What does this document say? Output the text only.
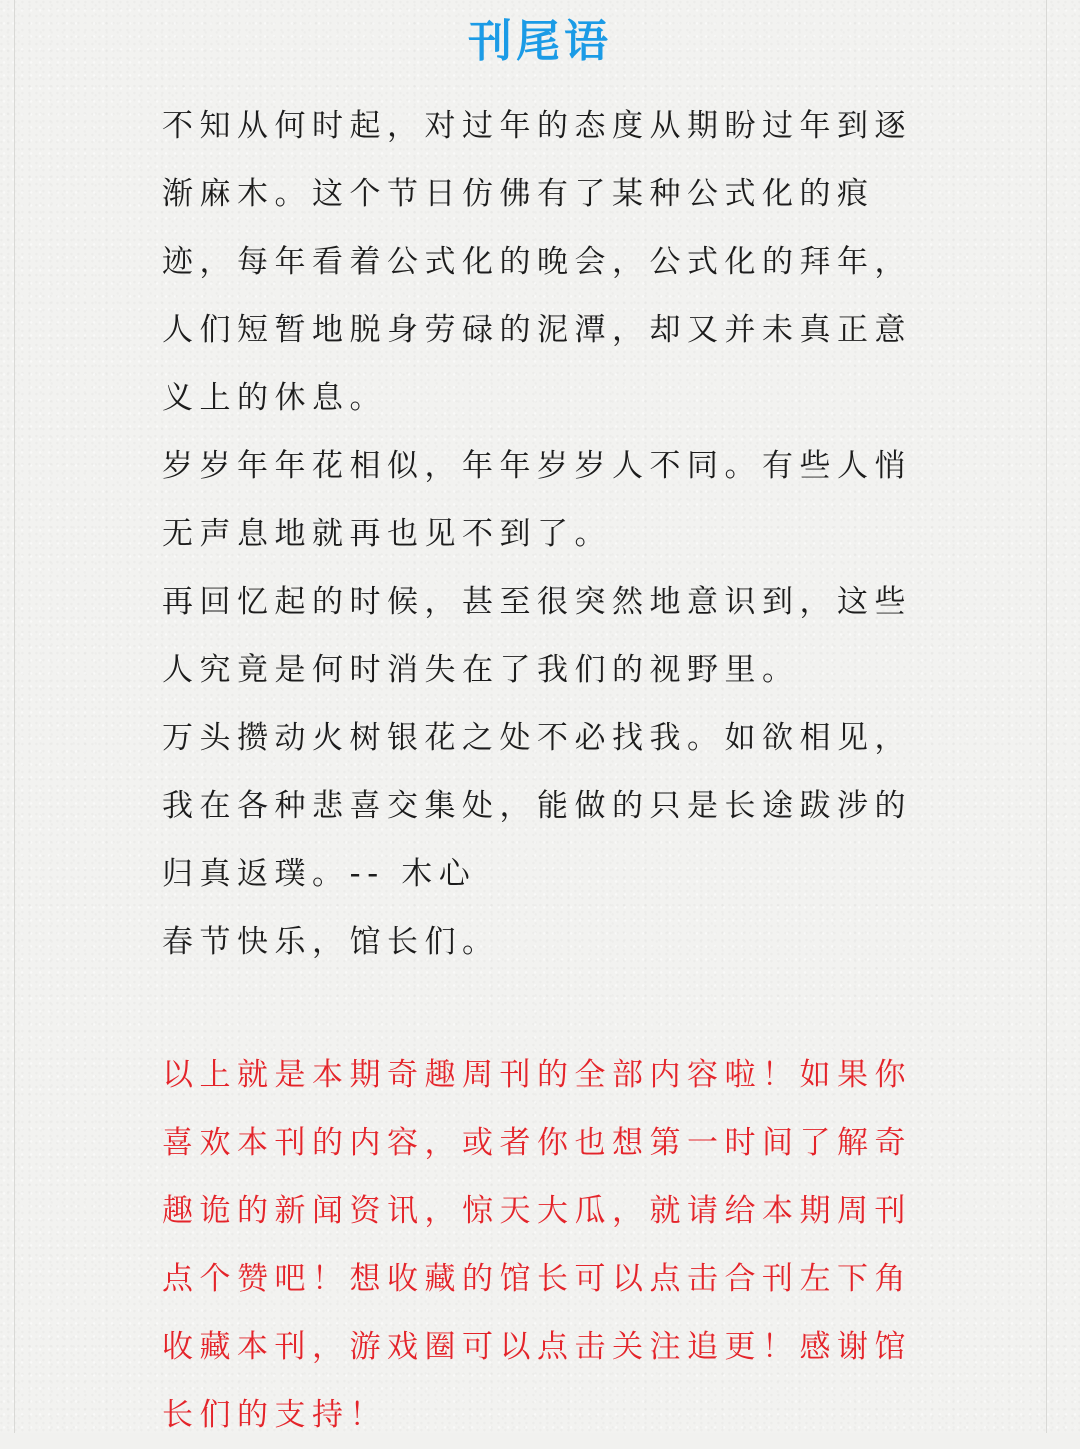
刊尾语

不知从何时起，对过年的态度从期盼过年到逐渐麻木。这个节日仿佛有了某种公式化的痕迹，每年看着公式化的晚会，公式化的拜年，人们短暂地脱身劳碌的泥潭，却又并未真正意义上的休息。

岁岁年年花相似，年年岁岁人不同。有些人悄无声息地就再也见不到了。

再回忆起的时候，甚至很突然地意识到，这些人究竟是何时消失在了我们的视野里。

万头攒动火树银花之处不必找我。如欲相见，我在各种悲喜交集处，能做的只是长途跋涉的归真返璞。-- 木心

春节快乐，馆长们。

以上就是本期奇趣周刊的全部内容啦！如果你喜欢本刊的内容，或者你也想第一时间了解奇趣诡的新闻资讯，惊天大瓜，就请给本期周刊点个赞吧！想收藏的馆长可以点击合刊左下角收藏本刊，游戏圈可以点击关注追更！感谢馆长们的支持！
